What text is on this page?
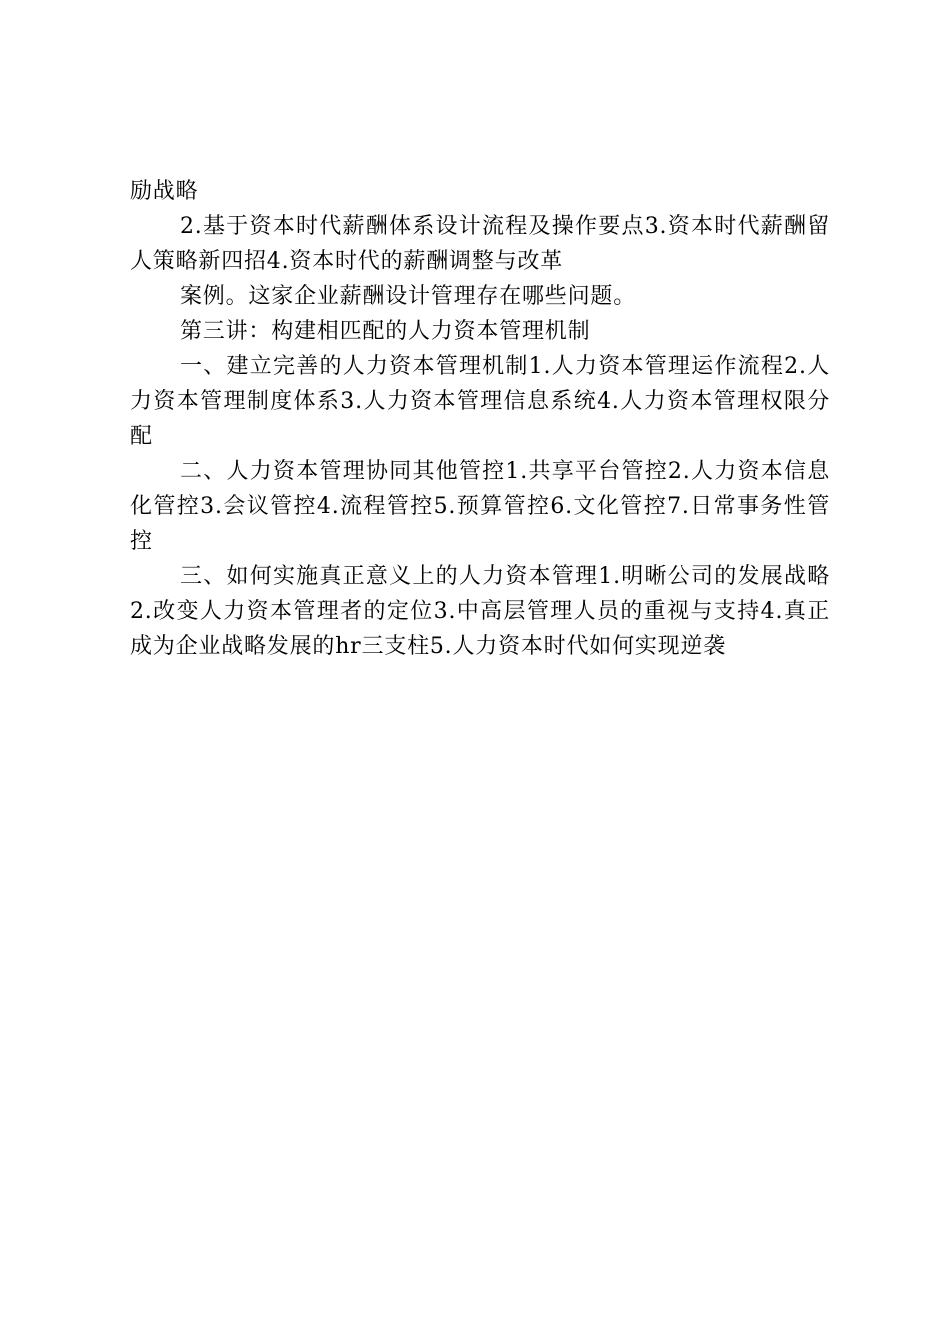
励战略

2.基于资本时代薪酬体系设计流程及操作要点3.资本时代薪酬留人策略新四招4.资本时代的薪酬调整与改革

案例。这家企业薪酬设计管理存在哪些问题。

第三讲：构建相匹配的人力资本管理机制

一、建立完善的人力资本管理机制1.人力资本管理运作流程2.人力资本管理制度体系3.人力资本管理信息系统4.人力资本管理权限分配

二、人力资本管理协同其他管控1.共享平台管控2.人力资本信息化管控3.会议管控4.流程管控5.预算管控6.文化管控7.日常事务性管控

三、如何实施真正意义上的人力资本管理1.明晰公司的发展战略2.改变人力资本管理者的定位3.中高层管理人员的重视与支持4.真正成为企业战略发展的hr三支柱5.人力资本时代如何实现逆袭
